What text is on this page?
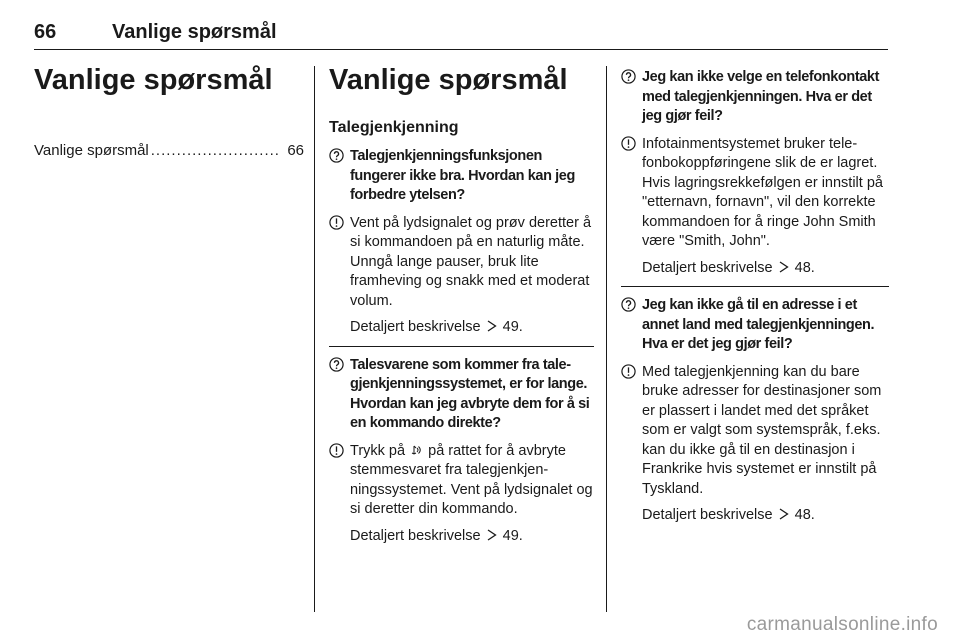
66	Vanlige spørsmål
Vanlige spørsmål
Vanlige spørsmål ......................... 66
Vanlige spørsmål
Talegjenkjenning
Talegjenkjenningsfunksjonen fungerer ikke bra. Hvordan kan jeg forbedre ytelsen?
Vent på lydsignalet og prøv deretter å si kommandoen på en naturlig måte. Unngå lange pauser, bruk lite framheving og snakk med et moderat volum.
Detaljert beskrivelse 49.
Talesvarene som kommer fra talegjenkjenningssystemet, er for lange. Hvordan kan jeg avbryte dem for å si en kommando direkte?
Trykk på på rattet for å avbryte stemmesvaret fra talegjenkjenningssystemet. Vent på lydsignalet og si deretter din kommando.
Detaljert beskrivelse 49.
Jeg kan ikke velge en telefonkontakt med talegjenkjenningen. Hva er det jeg gjør feil?
Infotainmentsystemet bruker telefonbokoppføringene slik de er lagret. Hvis lagringsrekkefølgen er innstilt på "etternavn, fornavn", vil den korrekte kommandoen for å ringe John Smith være "Smith, John".
Detaljert beskrivelse 48.
Jeg kan ikke gå til en adresse i et annet land med talegjenkjenningen. Hva er det jeg gjør feil?
Med talegjenkjenning kan du bare bruke adresser for destinasjoner som er plassert i landet med det språket som er valgt som systemspråk, f.eks. kan du ikke gå til en destinasjon i Frankrike hvis systemet er innstilt på Tyskland.
Detaljert beskrivelse 48.
carmanualsonline.info
